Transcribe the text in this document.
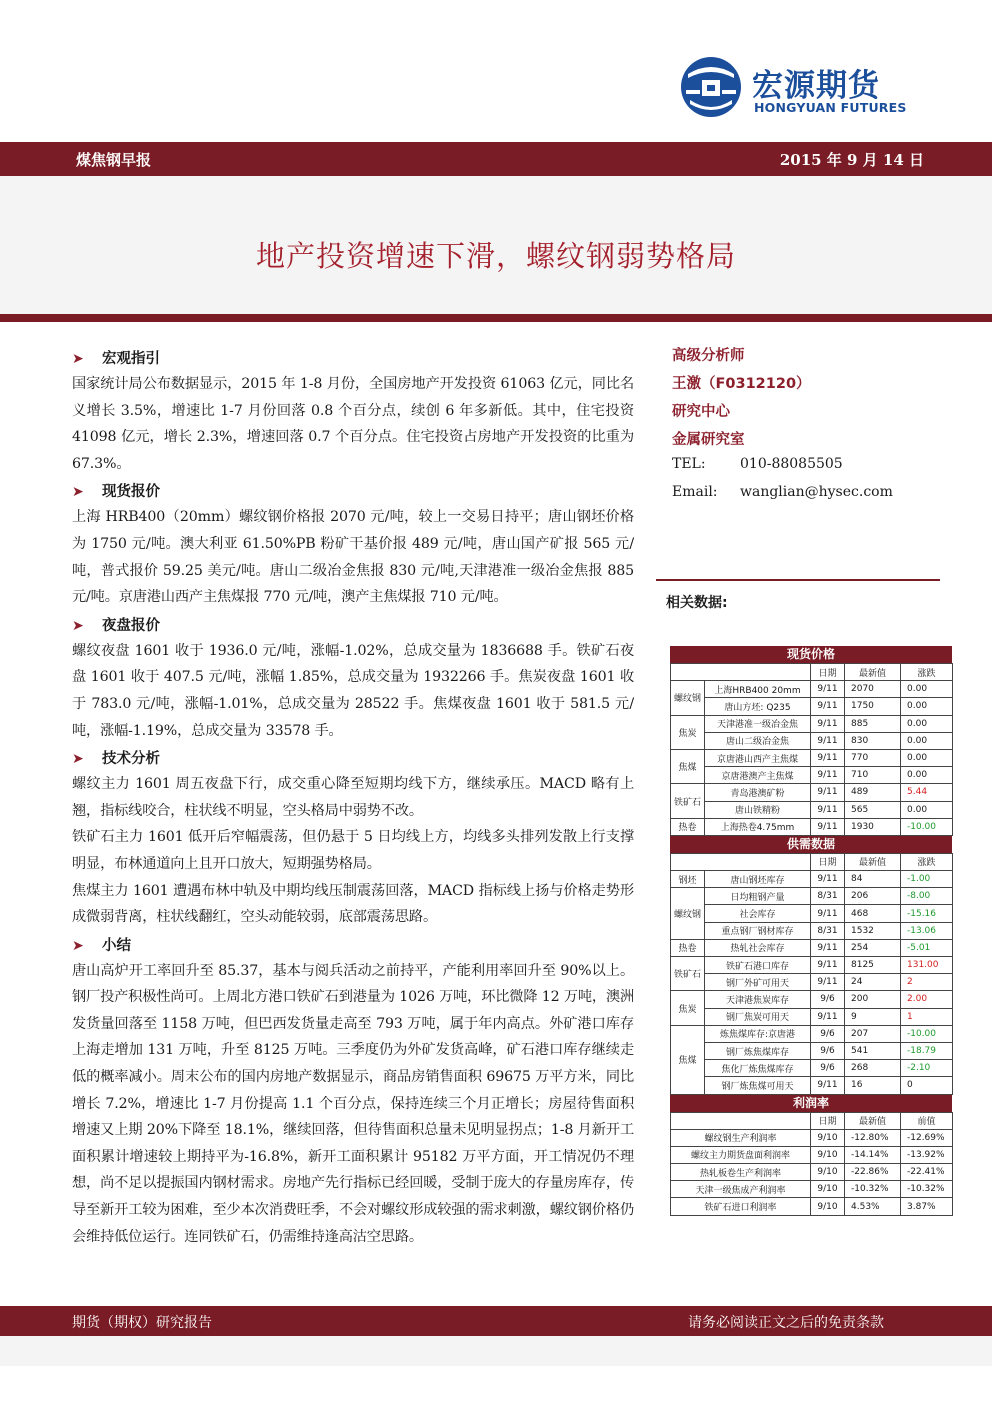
宏源期货
HONGYUAN FUTURES
煤焦钢早报	2015 年 9 月 14 日
地产投资增速下滑，螺纹钢弱势格局
➤ 宏观指引

国家统计局公布数据显示，2015 年 1-8 月份，全国房地产开发投资 61063 亿元，同比名义增长 3.5%，增速比 1-7 月份回落 0.8 个百分点，续创 6 年多新低。其中，住宅投资 41098 亿元，增长 2.3%，增速回落 0.7 个百分点。住宅投资占房地产开发投资的比重为 67.3%。

➤ 现货报价

上海 HRB400（20mm）螺纹钢价格报 2070 元/吨，较上一交易日持平；唐山钢坯价格为 1750 元/吨。澳大利亚 61.50%PB 粉矿干基价报 489 元/吨，唐山国产矿报 565 元/吨，普式报价 59.25 美元/吨。唐山二级冶金焦报 830 元/吨,天津港准一级冶金焦报 885 元/吨。京唐港山西产主焦煤报 770 元/吨，澳产主焦煤报 710 元/吨。

➤ 夜盘报价

螺纹夜盘 1601 收于 1936.0 元/吨，涨幅-1.02%，总成交量为 1836688 手。铁矿石夜盘 1601 收于 407.5 元/吨，涨幅 1.85%，总成交量为 1932266 手。焦炭夜盘 1601 收于 783.0 元/吨，涨幅-1.01%，总成交量为 28522 手。焦煤夜盘 1601 收于 581.5 元/吨，涨幅-1.19%，总成交量为 33578 手。

➤ 技术分析

螺纹主力 1601 周五夜盘下行，成交重心降至短期均线下方，继续承压。MACD 略有上翘，指标线咬合，柱状线不明显，空头格局中弱势不改。

铁矿石主力 1601 低开后窄幅震荡，但仍悬于 5 日均线上方，均线多头排列发散上行支撑明显，布林通道向上且开口放大，短期强势格局。

焦煤主力 1601 遭遇布林中轨及中期均线压制震荡回落，MACD 指标线上扬与价格走势形成微弱背离，柱状线翻红，空头动能较弱，底部震荡思路。

➤ 小结

唐山高炉开工率回升至 85.37，基本与阅兵活动之前持平，产能利用率回升至 90%以上。钢厂投产积极性尚可。上周北方港口铁矿石到港量为 1026 万吨，环比微降 12 万吨，澳洲发货量回落至 1158 万吨，但巴西发货量走高至 793 万吨，属于年内高点。外矿港口库存上海走增加 131 万吨，升至 8125 万吨。三季度仍为外矿发货高峰，矿石港口库存继续走低的概率减小。周末公布的国内房地产数据显示，商品房销售面积 69675 万平方米，同比增长 7.2%，增速比 1-7 月份提高 1.1 个百分点，保持连续三个月正增长；房屋待售面积增速又上期 20%下降至 18.1%，继续回落，但待售面积总量未见明显拐点；1-8 月新开工面积累计增速较上期持平为-16.8%，新开工面积累计 95182 万平方面，开工情况仍不理想，尚不足以提振国内钢材需求。房地产先行指标已经回暖，受制于庞大的存量房库存，传导至新开工较为困难，至少本次消费旺季，不会对螺纹形成较强的需求刺激，螺纹钢价格仍会维持低位运行。连同铁矿石，仍需维持逢高沽空思路。

高级分析师
王激（F0312120）
研究中心
金属研究室
TEL: 010-88085505
Email: wanglian@hysec.com
相关数据:
现货价格
		日期	最新值	涨跌
螺纹钢	上海HRB400 20mm	9/11	2070	0.00
	唐山方坯: Q235	9/11	1750	0.00
焦炭	天津港准一级冶金焦	9/11	885	0.00
	唐山二级冶金焦	9/11	830	0.00
焦煤	京唐港山西产主焦煤	9/11	770	0.00
	京唐港澳产主焦煤	9/11	710	0.00
铁矿石	青岛港澳矿粉	9/11	489	5.44
	唐山铁精粉	9/11	565	0.00
热卷	上海热卷4.75mm	9/11	1930	-10.00
供需数据
		日期	最新值	涨跌
钢坯	唐山钢坯库存	9/11	84	-1.00
螺纹钢	日均粗钢产量	8/31	206	-8.00
	社会库存	9/11	468	-15.16
	重点钢厂钢材库存	8/31	1532	-13.06
热卷	热轧社会库存	9/11	254	-5.01
铁矿石	铁矿石港口库存	9/11	8125	131.00
	钢厂外矿可用天	9/11	24	2
焦炭	天津港焦炭库存	9/6	200	2.00
	钢厂焦炭可用天	9/11	9	1
焦煤	炼焦煤库存:京唐港	9/6	207	-10.00
	钢厂炼焦煤库存	9/6	541	-18.79
	焦化厂炼焦煤库存	9/6	268	-2.10
	钢厂炼焦煤可用天	9/11	16	0
利润率
	日期	最新值	前值
螺纹钢生产利润率	9/10	-12.80%	-12.69%
螺纹主力期货盘面利润率	9/10	-14.14%	-13.92%
热轧板卷生产利润率	9/10	-22.86%	-22.41%
天津一级焦成产利润率	9/10	-10.32%	-10.32%
铁矿石进口利润率	9/10	4.53%	3.87%
期货（期权）研究报告	请务必阅读正文之后的免责条款
